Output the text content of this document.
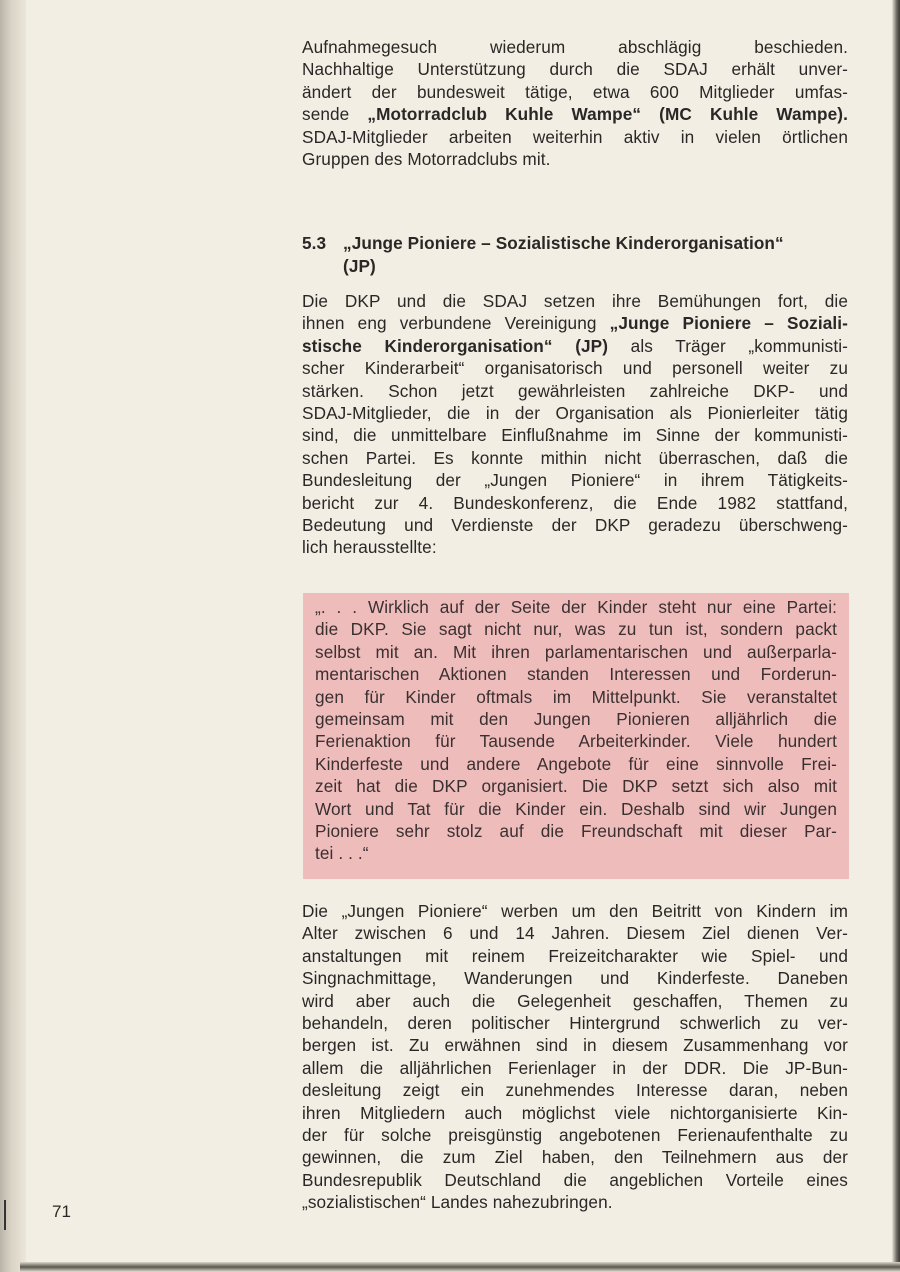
Aufnahmegesuch wiederum abschlägig beschieden.
Nachhaltige Unterstützung durch die SDAJ erhält unver-
ändert der bundesweit tätige, etwa 600 Mitglieder umfas-
sende „Motorradclub Kuhle Wampe“ (MC Kuhle Wampe).
SDAJ-Mitglieder arbeiten weiterhin aktiv in vielen örtlichen
Gruppen des Motorradclubs mit.
5.3 „Junge Pioniere – Sozialistische Kinderorganisation“
(JP)
Die DKP und die SDAJ setzen ihre Bemühungen fort, die
ihnen eng verbundene Vereinigung „Junge Pioniere – Soziali-
stische Kinderorganisation“ (JP) als Träger „kommunisti-
scher Kinderarbeit“ organisatorisch und personell weiter zu
stärken. Schon jetzt gewährleisten zahlreiche DKP- und
SDAJ-Mitglieder, die in der Organisation als Pionierleiter tätig
sind, die unmittelbare Einflußnahme im Sinne der kommunisti-
schen Partei. Es konnte mithin nicht überraschen, daß die
Bundesleitung der „Jungen Pioniere“ in ihrem Tätigkeits-
bericht zur 4. Bundeskonferenz, die Ende 1982 stattfand,
Bedeutung und Verdienste der DKP geradezu überschweng-
lich herausstellte:
„. . . Wirklich auf der Seite der Kinder steht nur eine Partei:
die DKP. Sie sagt nicht nur, was zu tun ist, sondern packt
selbst mit an. Mit ihren parlamentarischen und außerparla-
mentarischen Aktionen standen Interessen und Forderun-
gen für Kinder oftmals im Mittelpunkt. Sie veranstaltet
gemeinsam mit den Jungen Pionieren alljährlich die
Ferienaktion für Tausende Arbeiterkinder. Viele hundert
Kinderfeste und andere Angebote für eine sinnvolle Frei-
zeit hat die DKP organisiert. Die DKP setzt sich also mit
Wort und Tat für die Kinder ein. Deshalb sind wir Jungen
Pioniere sehr stolz auf die Freundschaft mit dieser Par-
tei . . .“
Die „Jungen Pioniere“ werben um den Beitritt von Kindern im
Alter zwischen 6 und 14 Jahren. Diesem Ziel dienen Ver-
anstaltungen mit reinem Freizeitcharakter wie Spiel- und
Singnachmittage, Wanderungen und Kinderfeste. Daneben
wird aber auch die Gelegenheit geschaffen, Themen zu
behandeln, deren politischer Hintergrund schwerlich zu ver-
bergen ist. Zu erwähnen sind in diesem Zusammenhang vor
allem die alljährlichen Ferienlager in der DDR. Die JP-Bun-
desleitung zeigt ein zunehmendes Interesse daran, neben
ihren Mitgliedern auch möglichst viele nichtorganisierte Kin-
der für solche preisgünstig angebotenen Ferienaufenthalte zu
gewinnen, die zum Ziel haben, den Teilnehmern aus der
Bundesrepublik Deutschland die angeblichen Vorteile eines
„sozialistischen“ Landes nahezubringen.
71
